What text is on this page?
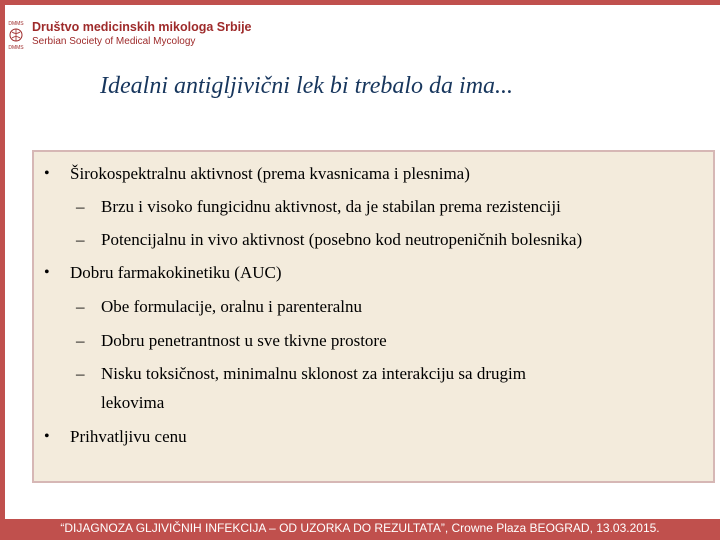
DMMS
DMMS
Društvo medicinskih mikologa Srbije
Serbian Society of Medical Mycology
Idealni antigljivični lek bi trebalo da ima...
• Širokospektralnu aktivnost (prema kvasnicama i plesnima)
– Brzu i visoko fungicidnu aktivnost, da je stabilan prema rezistenciji
– Potencijalnu in vivo aktivnost (posebno kod neutropeničnih bolesnika)
• Dobru farmakokinetiku (AUC)
– Obe formulacije, oralnu i parenteralnu
– Dobru penetrantnost u sve tkivne prostore
– Nisku toksičnost, minimalnu sklonost za interakciju sa drugim
lekovima
• Prihvatljivu cenu
“DIJAGNOZA GLJIVIČNIH INFEKCIJA – OD UZORKA DO REZULTATA”, Crowne Plaza BEOGRAD, 13.03.2015.
